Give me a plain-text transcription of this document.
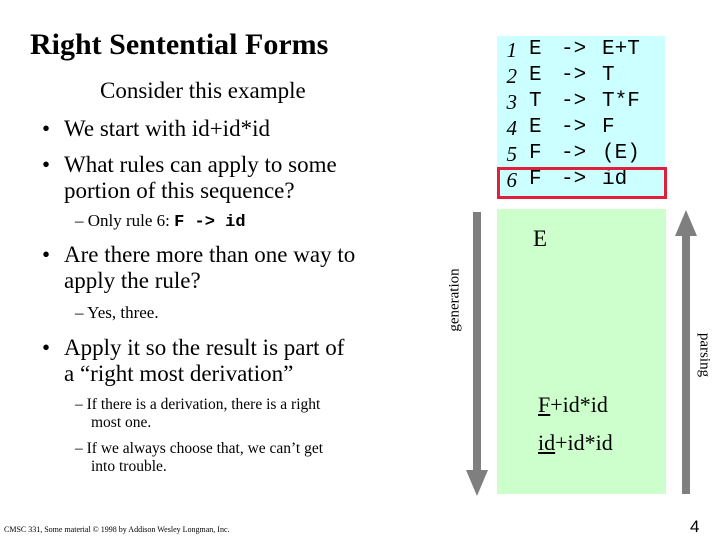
Right Sentential Forms	1 E -> E+T
2 E -> T
3 T -> T*F
4 E -> F
5 F -> (E)
6 F -> id
E
F+id*id
id+id*id
generation
parsing
Consider this example
• We start with id+id*id
• What rules can apply to some
portion of this sequence?
– Only rule 6: F -> id
• Are there more than one way to
apply the rule?
– Yes, three.
• Apply it so the result is part of
a “right most derivation”
– If there is a derivation, there is a right
most one.
– If we always choose that, we can’t get
into trouble.
CMSC 331, Some material © 1998 by Addison Wesley Longman, Inc.	4
